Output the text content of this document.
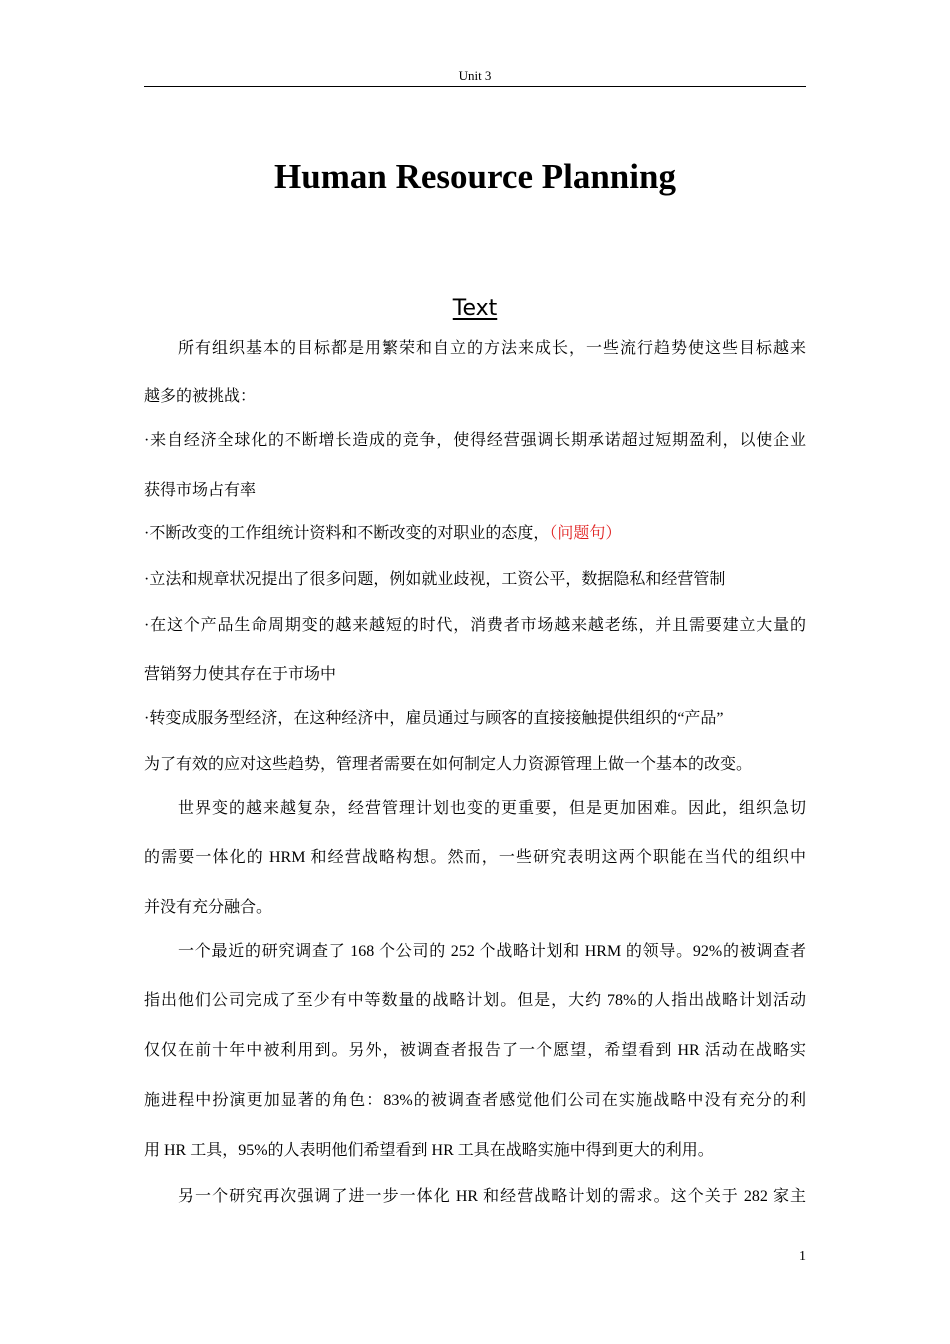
Unit 3
Human Resource Planning
Text
所有组织基本的目标都是用繁荣和自立的方法来成长，一些流行趋势使这些目标越来
越多的被挑战：
·来自经济全球化的不断增长造成的竞争，使得经营强调长期承诺超过短期盈利，以使企业
获得市场占有率
·不断改变的工作组统计资料和不断改变的对职业的态度，（问题句）
·立法和规章状况提出了很多问题，例如就业歧视，工资公平，数据隐私和经营管制
·在这个产品生命周期变的越来越短的时代，消费者市场越来越老练，并且需要建立大量的
营销努力使其存在于市场中
·转变成服务型经济，在这种经济中，雇员通过与顾客的直接接触提供组织的“产品”
为了有效的应对这些趋势，管理者需要在如何制定人力资源管理上做一个基本的改变。
世界变的越来越复杂，经营管理计划也变的更重要，但是更加困难。因此，组织急切
的需要一体化的 HRM 和经营战略构想。然而，一些研究表明这两个职能在当代的组织中
并没有充分融合。
一个最近的研究调查了 168 个公司的 252 个战略计划和 HRM 的领导。92%的被调查者
指出他们公司完成了至少有中等数量的战略计划。但是，大约 78%的人指出战略计划活动
仅仅在前十年中被利用到。另外，被调查者报告了一个愿望，希望看到 HR 活动在战略实
施进程中扮演更加显著的角色：83%的被调查者感觉他们公司在实施战略中没有充分的利
用 HR 工具，95%的人表明他们希望看到 HR 工具在战略实施中得到更大的利用。
另一个研究再次强调了进一步一体化 HR 和经营战略计划的需求。这个关于 282 家主
1
